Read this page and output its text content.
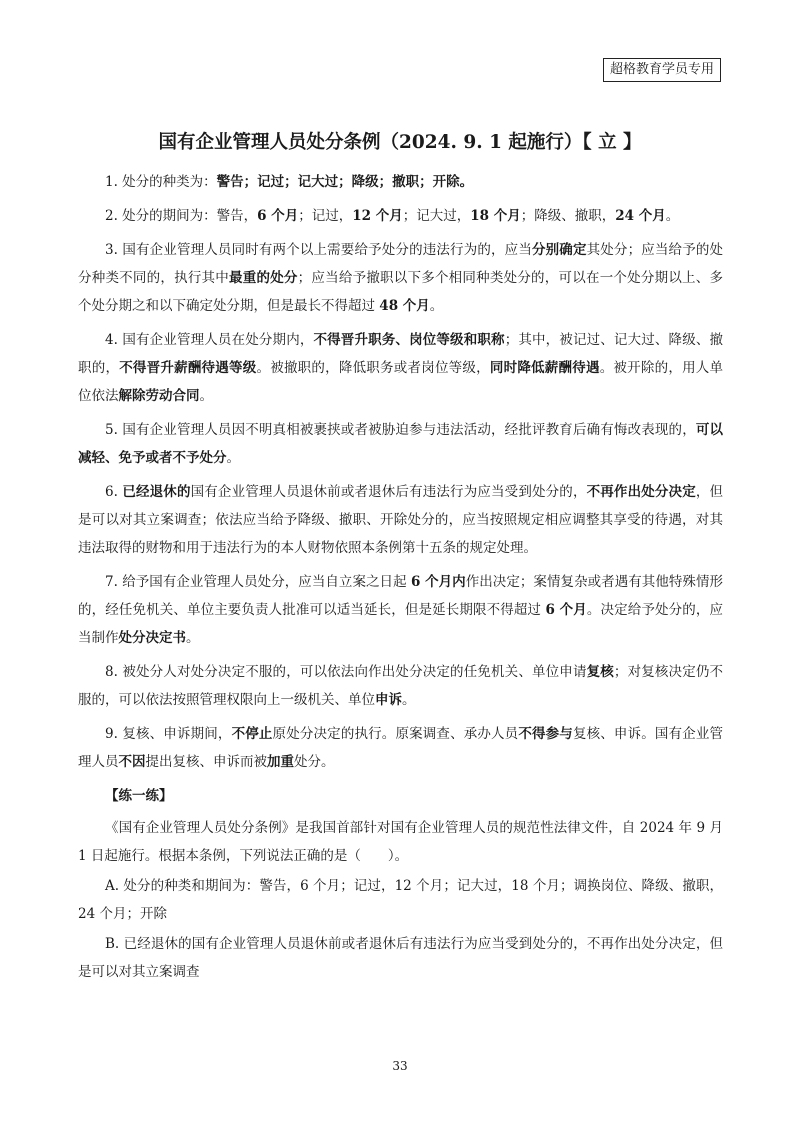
超格教育学员专用
国有企业管理人员处分条例（2024. 9. 1 起施行）【 立 】

1. 处分的种类为：警告；记过；记大过；降级；撤职；开除。

2. 处分的期间为：警告，6 个月；记过，12 个月；记大过，18 个月；降级、撤职，24 个月。

3. 国有企业管理人员同时有两个以上需要给予处分的违法行为的，应当分别确定其处分；应当给予的处分种类不同的，执行其中最重的处分；应当给予撤职以下多个相同种类处分的，可以在一个处分期以上、多个处分期之和以下确定处分期，但是最长不得超过 48 个月。

4. 国有企业管理人员在处分期内，不得晋升职务、岗位等级和职称；其中，被记过、记大过、降级、撤职的，不得晋升薪酬待遇等级。被撤职的，降低职务或者岗位等级，同时降低薪酬待遇。被开除的，用人单位依法解除劳动合同。

5. 国有企业管理人员因不明真相被裹挟或者被胁迫参与违法活动，经批评教育后确有悔改表现的，可以减轻、免予或者不予处分。

6. 已经退休的国有企业管理人员退休前或者退休后有违法行为应当受到处分的，不再作出处分决定，但是可以对其立案调查；依法应当给予降级、撤职、开除处分的，应当按照规定相应调整其享受的待遇，对其违法取得的财物和用于违法行为的本人财物依照本条例第十五条的规定处理。

7. 给予国有企业管理人员处分，应当自立案之日起 6 个月内作出决定；案情复杂或者遇有其他特殊情形的，经任免机关、单位主要负责人批准可以适当延长，但是延长期限不得超过 6 个月。决定给予处分的，应当制作处分决定书。

8. 被处分人对处分决定不服的，可以依法向作出处分决定的任免机关、单位申请复核；对复核决定仍不服的，可以依法按照管理权限向上一级机关、单位申诉。

9. 复核、申诉期间，不停止原处分决定的执行。原案调查、承办人员不得参与复核、申诉。国有企业管理人员不因提出复核、申诉而被加重处分。

【练一练】

《国有企业管理人员处分条例》是我国首部针对国有企业管理人员的规范性法律文件，自 2024 年 9 月 1 日起施行。根据本条例，下列说法正确的是（　　）。

A. 处分的种类和期间为：警告，6 个月；记过，12 个月；记大过，18 个月；调换岗位、降级、撤职，24 个月；开除

B. 已经退休的国有企业管理人员退休前或者退休后有违法行为应当受到处分的，不再作出处分决定，但是可以对其立案调查

33
